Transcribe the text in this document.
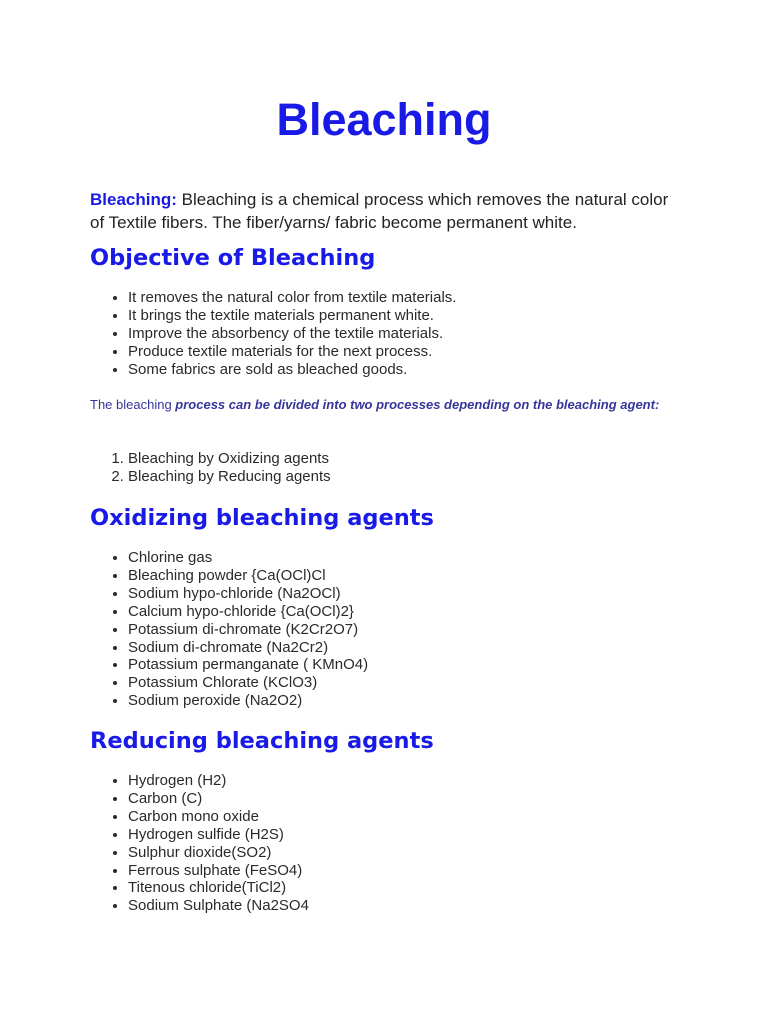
Bleaching

Bleaching: Bleaching is a chemical process which removes the natural color of Textile fibers. The fiber/yarns/ fabric become permanent white.

Objective of Bleaching
• It removes the natural color from textile materials.
• It brings the textile materials permanent white.
• Improve the absorbency of the textile materials.
• Produce textile materials for the next process.
• Some fabrics are sold as bleached goods.

The bleaching process can be divided into two processes depending on the bleaching agent:

1. Bleaching by Oxidizing agents
2. Bleaching by Reducing agents
Oxidizing bleaching agents
• Chlorine gas
• Bleaching powder {Ca(OCl)Cl
• Sodium hypo-chloride (Na2OCl)
• Calcium hypo-chloride {Ca(OCl)2}
• Potassium di-chromate (K2Cr2O7)
• Sodium di-chromate (Na2Cr2)
• Potassium permanganate ( KMnO4)
• Potassium Chlorate (KClO3)
• Sodium peroxide (Na2O2)
Reducing bleaching agents
• Hydrogen (H2)
• Carbon (C)
• Carbon mono oxide
• Hydrogen sulfide (H2S)
• Sulphur dioxide(SO2)
• Ferrous sulphate (FeSO4)
• Titenous chloride(TiCl2)
• Sodium Sulphate (Na2SO4
